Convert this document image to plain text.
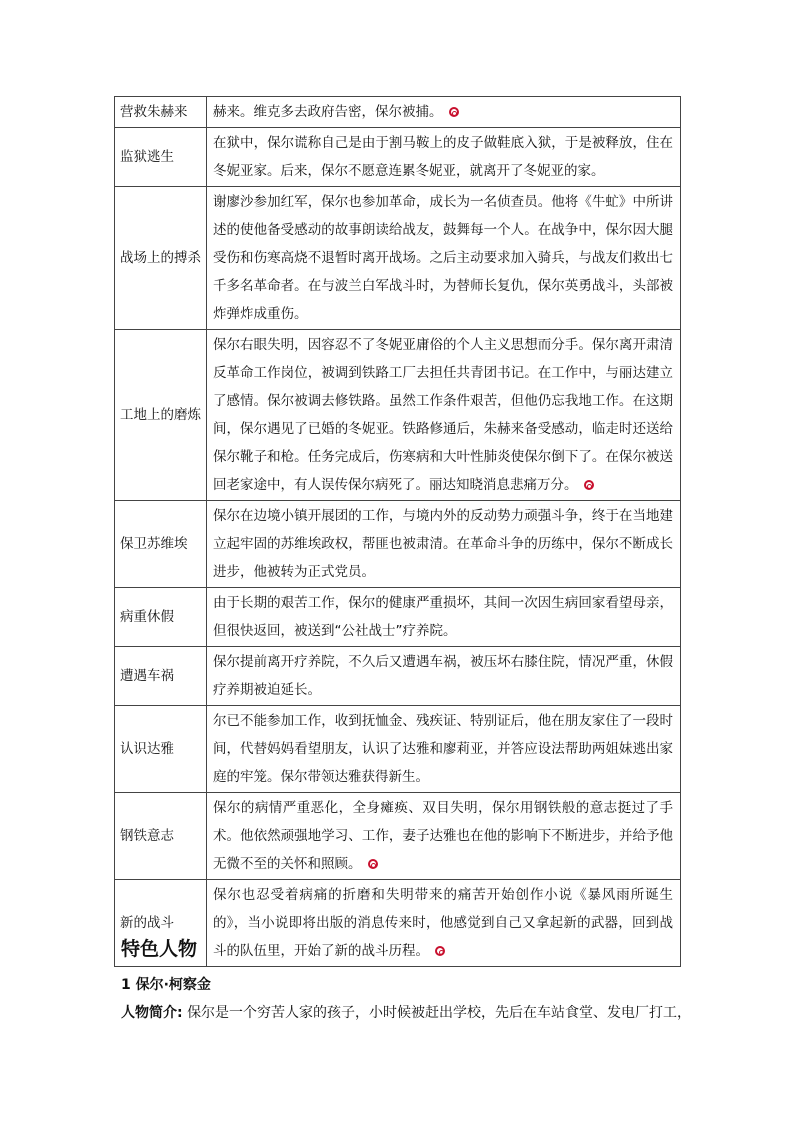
营救朱赫来	赫来。维克多去政府告密，保尔被捕。
监狱逃生	在狱中，保尔谎称自己是由于割马鞍上的皮子做鞋底入狱，于是被释放，住在冬妮亚家。后来，保尔不愿意连累冬妮亚，就离开了冬妮亚的家。
战场上的搏杀	谢廖沙参加红军，保尔也参加革命，成长为一名侦查员。他将《牛虻》中所讲述的使他备受感动的故事朗读给战友，鼓舞每一个人。在战争中，保尔因大腿受伤和伤寒高烧不退暂时离开战场。之后主动要求加入骑兵，与战友们救出七千多名革命者。在与波兰白军战斗时，为替师长复仇，保尔英勇战斗，头部被炸弹炸成重伤。
工地上的磨炼	保尔右眼失明，因容忍不了冬妮亚庸俗的个人主义思想而分手。保尔离开肃清反革命工作岗位，被调到铁路工厂去担任共青团书记。在工作中，与丽达建立了感情。保尔被调去修铁路。虽然工作条件艰苦，但他仍忘我地工作。在这期间，保尔遇见了已婚的冬妮亚。铁路修通后，朱赫来备受感动，临走时还送给保尔靴子和枪。任务完成后，伤寒病和大叶性肺炎使保尔倒下了。在保尔被送回老家途中，有人误传保尔病死了。丽达知晓消息悲痛万分。
保卫苏维埃	保尔在边境小镇开展团的工作，与境内外的反动势力顽强斗争，终于在当地建立起牢固的苏维埃政权，帮匪也被肃清。在革命斗争的历练中，保尔不断成长进步，他被转为正式党员。
病重休假	由于长期的艰苦工作，保尔的健康严重损坏，其间一次因生病回家看望母亲，但很快返回，被送到“公社战士”疗养院。
遭遇车祸	保尔提前离开疗养院，不久后又遭遇车祸，被压坏右膝住院，情况严重，休假疗养期被迫延长。
认识达雅	尔已不能参加工作，收到抚恤金、残疾证、特别证后，他在朋友家住了一段时间，代替妈妈看望朋友，认识了达雅和廖莉亚，并答应设法帮助两姐妹逃出家庭的牢笼。保尔带领达雅获得新生。
钢铁意志	保尔的病情严重恶化，全身瘫痪、双目失明，保尔用钢铁般的意志挺过了手术。他依然顽强地学习、工作，妻子达雅也在他的影响下不断进步，并给予他无微不至的关怀和照顾。
新的战斗	保尔也忍受着病痛的折磨和失明带来的痛苦开始创作小说《暴风雨所诞生的》，当小说即将出版的消息传来时，他感觉到自己又拿起新的武器，回到战斗的队伍里，开始了新的战斗历程。
特色人物
1 保尔·柯察金
人物简介: 保尔是一个穷苦人家的孩子，小时候被赶出学校，先后在车站食堂、发电厂打工，
